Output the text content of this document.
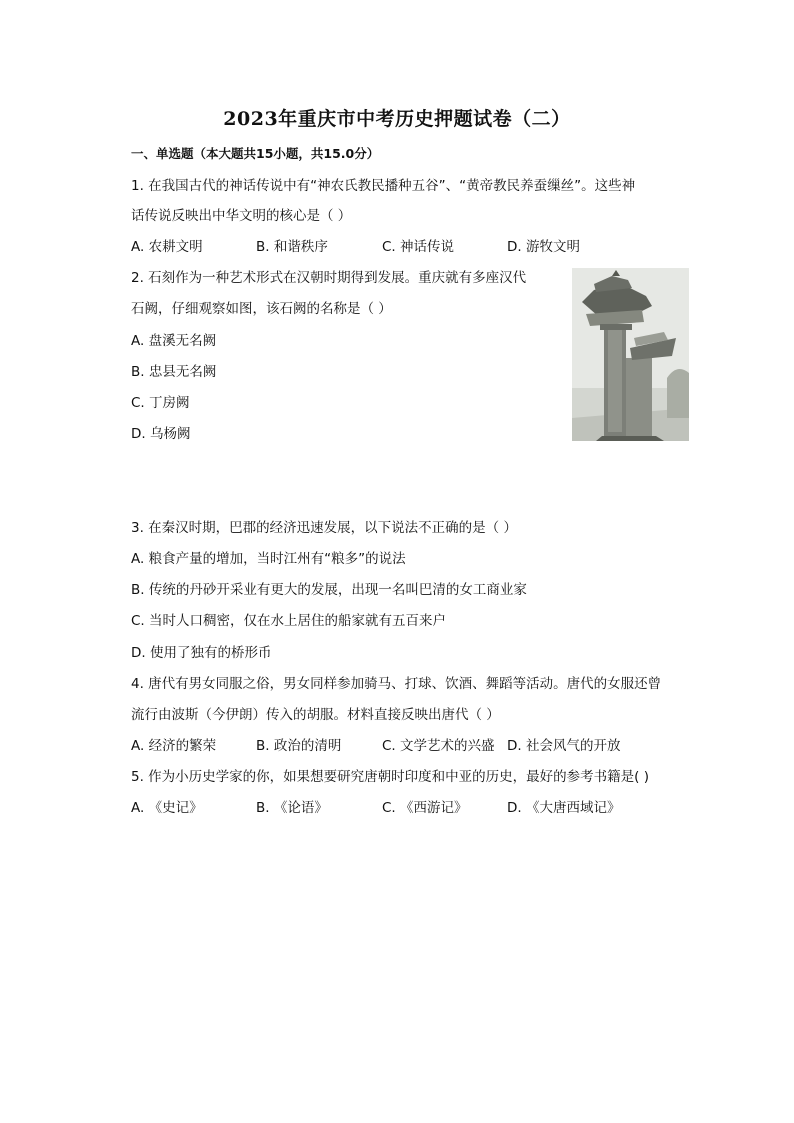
2023年重庆市中考历史押题试卷（二）
一、单选题（本大题共15小题，共15.0分）
1. 在我国古代的神话传说中有“神农氏教民播种五谷”、“黄帝教民养蚕缫丝”。这些神
话传说反映出中华文明的核心是（ ）
A. 农耕文明	B. 和谐秩序	C. 神话传说	D. 游牧文明
2. 石刻作为一种艺术形式在汉朝时期得到发展。重庆就有多座汉代
石阙，仔细观察如图，该石阙的名称是（ ）
A. 盘溪无名阙
B. 忠县无名阙
C. 丁房阙
D. 乌杨阙
3. 在秦汉时期，巴郡的经济迅速发展，以下说法不正确的是（ ）
A. 粮食产量的增加，当时江州有“粮多”的说法
B. 传统的丹砂开采业有更大的发展，出现一名叫巴清的女工商业家
C. 当时人口稠密，仅在水上居住的船家就有五百来户
D. 使用了独有的桥形币
4. 唐代有男女同服之俗，男女同样参加骑马、打球、饮酒、舞蹈等活动。唐代的女服还曾
流行由波斯（今伊朗）传入的胡服。材料直接反映出唐代（ ）
A. 经济的繁荣	B. 政治的清明	C. 文学艺术的兴盛 D. 社会风气的开放
5. 作为小历史学家的你，如果想要研究唐朝时印度和中亚的历史，最好的参考书籍是( )
A. 《史记》	B. 《论语》	C. 《西游记》	D. 《大唐西域记》
